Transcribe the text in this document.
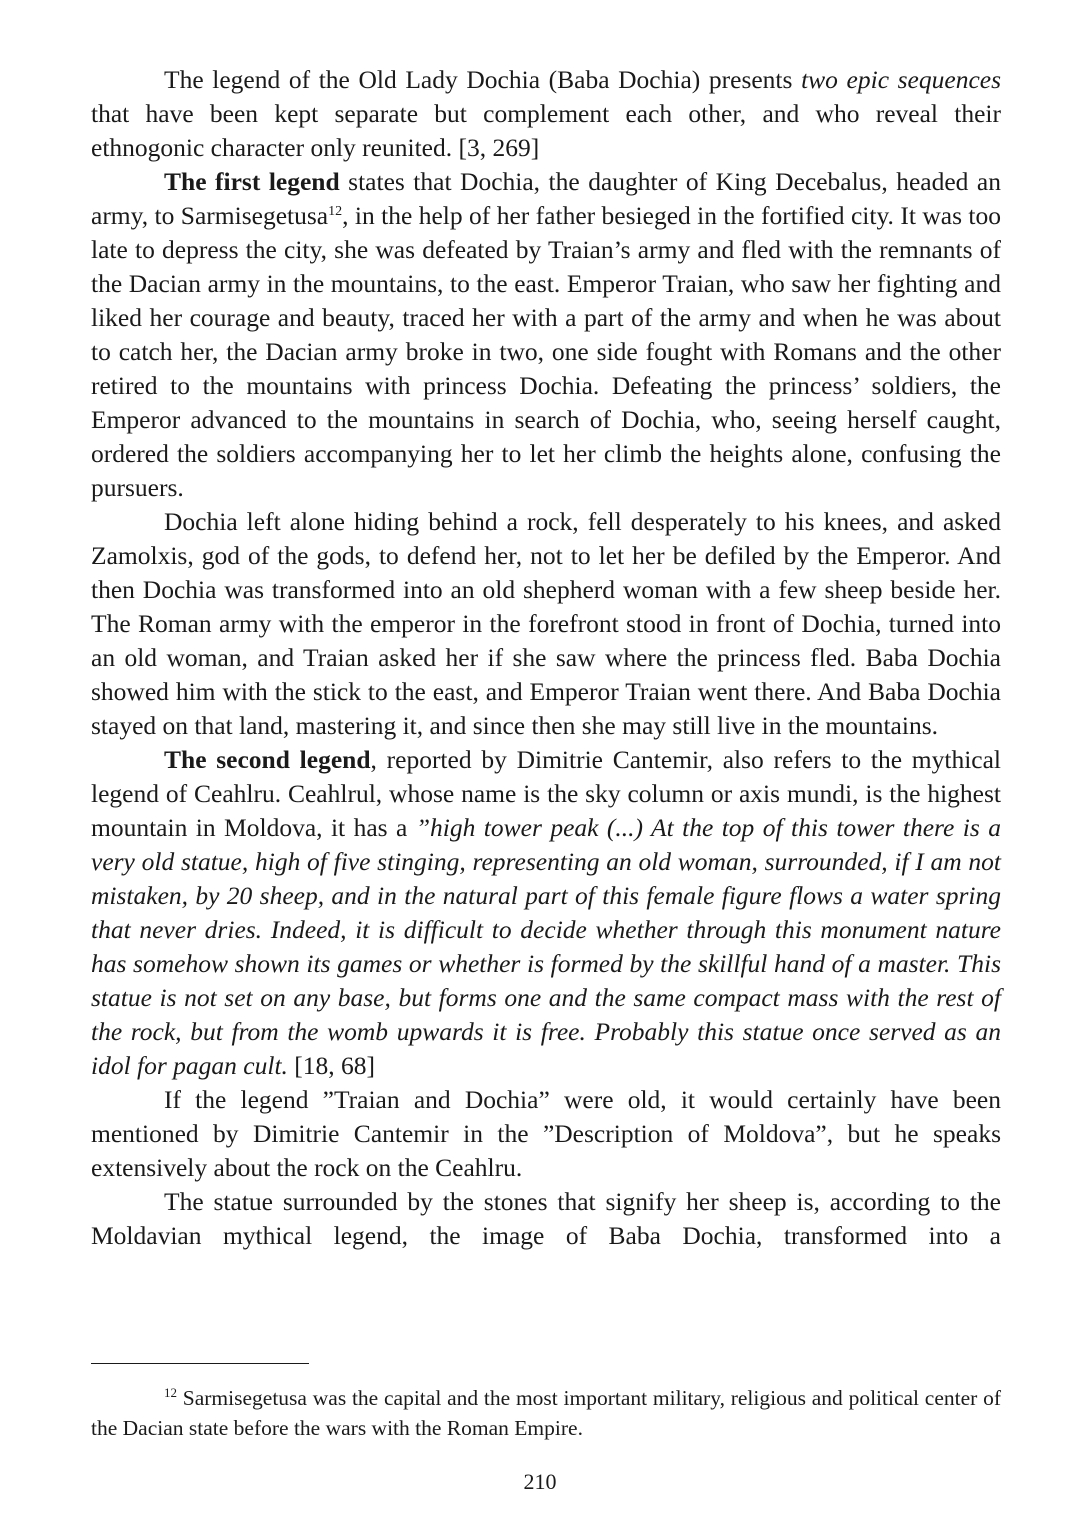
The legend of the Old Lady Dochia (Baba Dochia) presents two epic sequences that have been kept separate but complement each other, and who reveal their ethnogonic character only reunited. [3, 269]

The first legend states that Dochia, the daughter of King Decebalus, headed an army, to Sarmisegetusa$^{12}$, in the help of her father besieged in the fortified city. It was too late to depress the city, she was defeated by Traian’s army and fled with the remnants of the Dacian army in the mountains, to the east. Emperor Traian, who saw her fighting and liked her courage and beauty, traced her with a part of the army and when he was about to catch her, the Dacian army broke in two, one side fought with Romans and the other retired to the mountains with princess Dochia. Defeating the princess’ soldiers, the Emperor advanced to the mountains in search of Dochia, who, seeing herself caught, ordered the soldiers accompanying her to let her climb the heights alone, confusing the pursuers.

Dochia left alone hiding behind a rock, fell desperately to his knees, and asked Zamolxis, god of the gods, to defend her, not to let her be defiled by the Emperor. And then Dochia was transformed into an old shepherd woman with a few sheep beside her. The Roman army with the emperor in the forefront stood in front of Dochia, turned into an old woman, and Traian asked her if she saw where the princess fled. Baba Dochia showed him with the stick to the east, and Emperor Traian went there. And Baba Dochia stayed on that land, mastering it, and since then she may still live in the mountains.

The second legend, reported by Dimitrie Cantemir, also refers to the mythical legend of Ceahlru. Ceahlrul, whose name is the sky column or axis mundi, is the highest mountain in Moldova, it has a ”high tower peak (...) At the top of this tower there is a very old statue, high of five stinging, representing an old woman, surrounded, if I am not mistaken, by 20 sheep, and in the natural part of this female figure flows a water spring that never dries. Indeed, it is difficult to decide whether through this monument nature has somehow shown its games or whether is formed by the skillful hand of a master. This statue is not set on any base, but forms one and the same compact mass with the rest of the rock, but from the womb upwards it is free. Probably this statue once served as an idol for pagan cult. [18, 68]

If the legend ”Traian and Dochia” were old, it would certainly have been mentioned by Dimitrie Cantemir in the ”Description of Moldova”, but he speaks extensively about the rock on the Ceahlru.

The statue surrounded by the stones that signify her sheep is, according to the Moldavian mythical legend, the image of Baba Dochia, transformed into a

$^{12}$ Sarmisegetusa was the capital and the most important military, religious and political center of the Dacian state before the wars with the Roman Empire.

210
